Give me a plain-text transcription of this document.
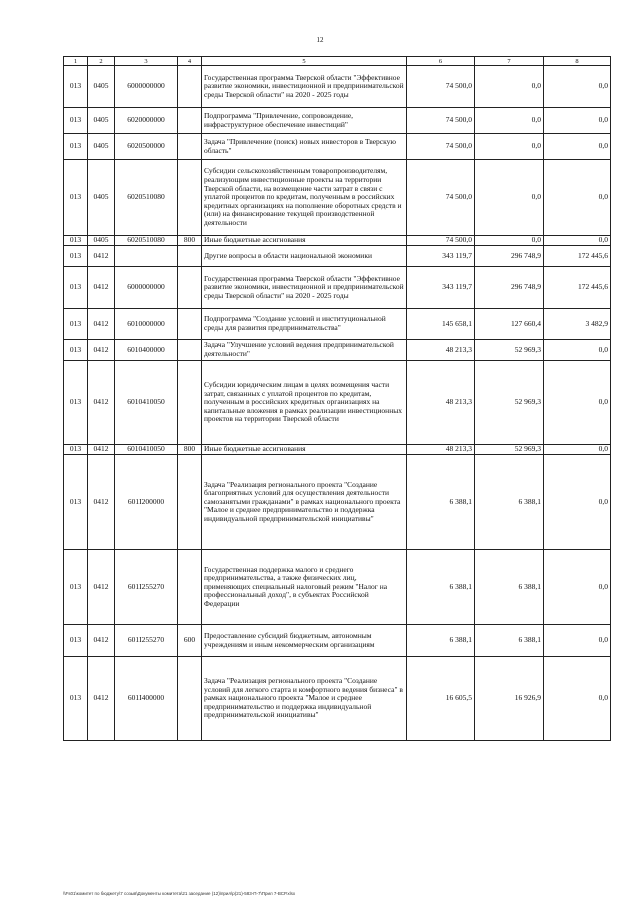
12
1	2	3	4	5	6	7	8
013	0405	6000000000		Государственная программа Тверской области "Эффективное развитие экономики, инвестиционной и предпринимательской среды Тверской области" на 2020 - 2025 годы	74 500,0	0,0	0,0
013	0405	6020000000		Подпрограмма "Привлечение, сопровождение, инфраструктурное обеспечение инвестиций"	74 500,0	0,0	0,0
013	0405	6020500000		Задача "Привлечение (поиск) новых инвесторов в Тверскую область"	74 500,0	0,0	0,0
013	0405	6020510080		Субсидии сельскохозяйственным товаропроизводителям, реализующим инвестиционные проекты на территории Тверской области, на возмещение части затрат в связи с уплатой процентов по кредитам, полученным в российских кредитных организациях на пополнение оборотных средств и (или) на финансирование текущей производственной деятельности	74 500,0	0,0	0,0
013	0405	6020510080	800	Иные бюджетные ассигнования	74 500,0	0,0	0,0
013	0412			Другие вопросы в области национальной экономики	343 119,7	296 748,9	172 445,6
013	0412	6000000000		Государственная программа Тверской области "Эффективное развитие экономики, инвестиционной и предпринимательской среды Тверской области" на 2020 - 2025 годы	343 119,7	296 748,9	172 445,6
013	0412	6010000000		Подпрограмма "Создание условий и институциональной среды для развития предпринимательства"	145 658,1	127 660,4	3 482,9
013	0412	6010400000		Задача "Улучшение условий ведения предпринимательской деятельности"	48 213,3	52 969,3	0,0
013	0412	6010410050		Субсидии юридическим лицам в целях возмещения части затрат, связанных с уплатой процентов по кредитам, полученным в российских кредитных организациях на капитальные вложения в рамках реализации инвестиционных проектов на территории Тверской области	48 213,3	52 969,3	0,0
013	0412	6010410050	800	Иные бюджетные ассигнования	48 213,3	52 969,3	0,0
013	0412	601I200000		Задача "Реализация регионального проекта "Создание благоприятных условий для осуществления деятельности самозанятыми гражданами" в рамках национального проекта "Малое и среднее предпринимательство и поддержка индивидуальной предпринимательской инициативы"	6 388,1	6 388,1	0,0
013	0412	601I255270		Государственная поддержка малого и среднего предпринимательства, а также физических лиц, применяющих специальный налоговый режим "Налог на профессиональный доход", в субъектах Российской Федерации	6 388,1	6 388,1	0,0
013	0412	601I255270	600	Предоставление субсидий бюджетным, автономным учреждениям и иным некоммерческим организациям	6 388,1	6 388,1	0,0
013	0412	601I400000		Задача "Реализация регионального проекта "Создание условий для легкого старта и комфортного ведения бизнеса" в рамках национального проекта "Малое и среднее предпринимательство и поддержка индивидуальной предпринимательской инициативы"	16 605,5	16 926,9	0,0
\\Fs01\комитет по бюджету\7 созыв\Документы комитета\21 заседание (12)\прил\р(21)-583-П-7\Прил 7-ВСР.xlsx
